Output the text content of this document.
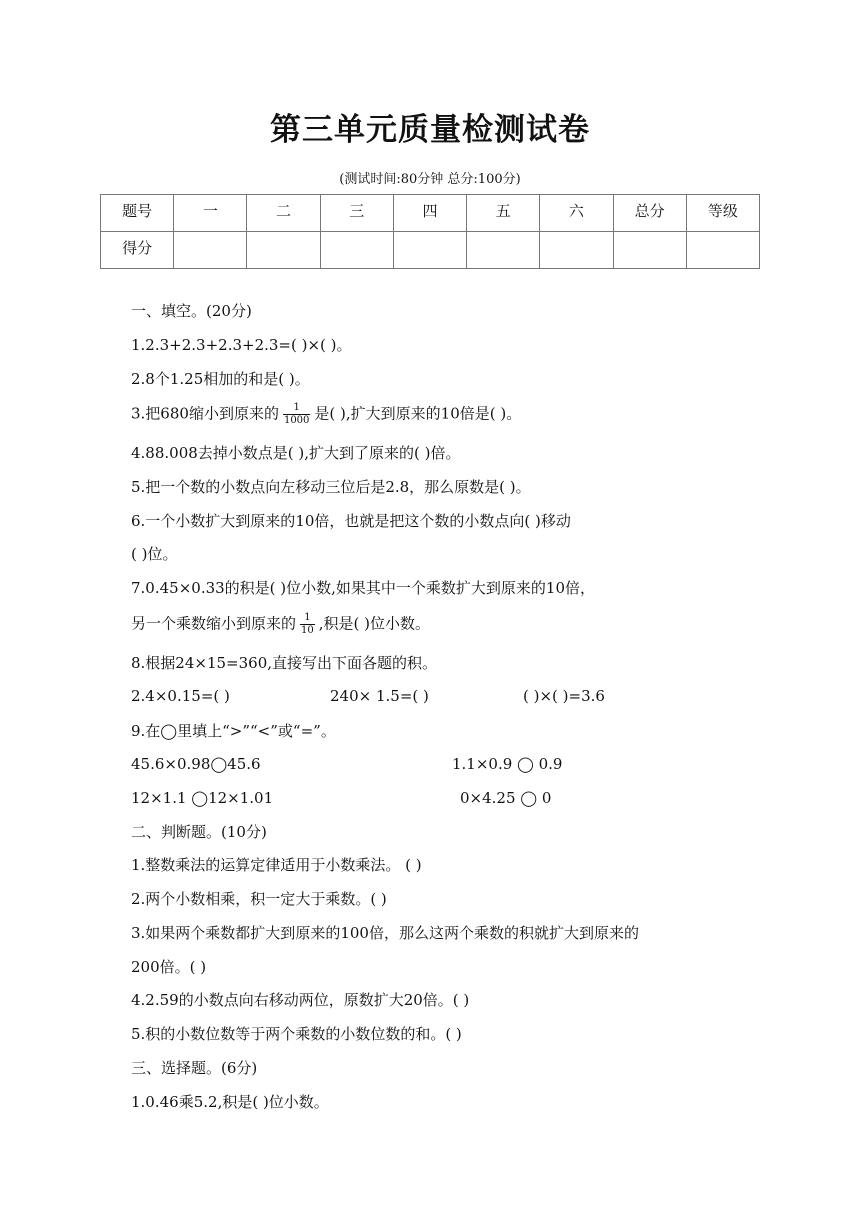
第三单元质量检测试卷
(测试时间:80分钟 总分:100分)
题号	一	二	三	四	五	六	总分	等级
得分								
一、填空。(20分)
1.2.3+2.3+2.3+2.3=( )×( )。
2.8个1.25相加的和是( )。
3.把680缩小到原来的 $\frac{1}{1000}$ 是( ),扩大到原来的10倍是( )。
4.88.008去掉小数点是( ),扩大到了原来的( )倍。
5.把一个数的小数点向左移动三位后是2.8，那么原数是( )。
6.一个小数扩大到原来的10倍，也就是把这个数的小数点向( )移动
( )位。
7.0.45×0.33的积是( )位小数,如果其中一个乘数扩大到原来的10倍，
另一个乘数缩小到原来的 $\frac{1}{10}$ ,积是( )位小数。
8.根据24×15=360,直接写出下面各题的积。
2.4×0.15=( )	240× 1.5=( )	( )×( )=3.6
9.在◯里填上“>”“<”或“=”。
45.6×0.98◯45.6	1.1×0.9 ◯ 0.9
12×1.1 ◯12×1.01	0×4.25 ◯ 0
二、判断题。(10分)
1.整数乘法的运算定律适用于小数乘法。 ( )
2.两个小数相乘，积一定大于乘数。( )
3.如果两个乘数都扩大到原来的100倍，那么这两个乘数的积就扩大到原来的
200倍。( )
4.2.59的小数点向右移动两位，原数扩大20倍。( )
5.积的小数位数等于两个乘数的小数位数的和。( )
三、选择题。(6分)
1.0.46乘5.2,积是( )位小数。
